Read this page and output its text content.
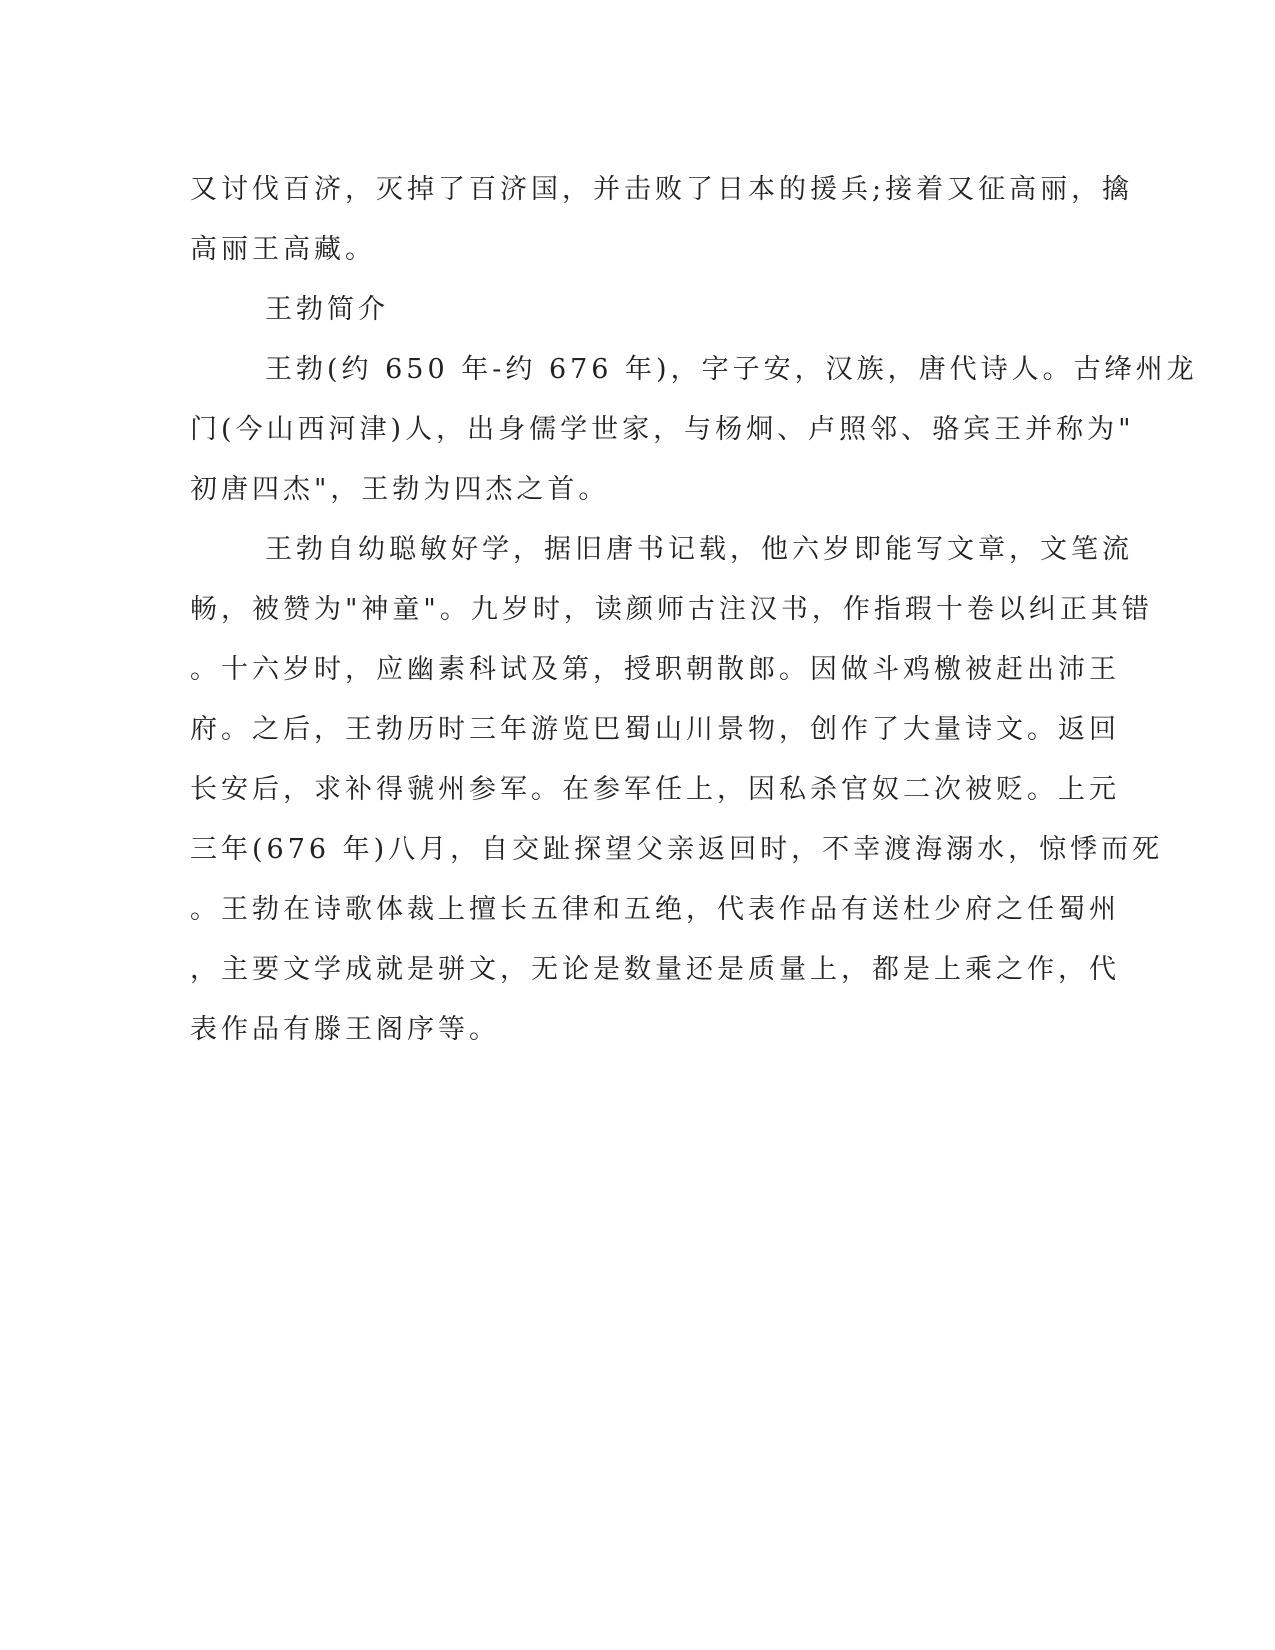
又讨伐百济，灭掉了百济国，并击败了日本的援兵;接着又征高丽，擒
高丽王高藏。
王勃简介
王勃(约 650 年-约 676 年)，字子安，汉族，唐代诗人。古绛州龙
门(今山西河津)人，出身儒学世家，与杨炯、卢照邻、骆宾王并称为"
初唐四杰"，王勃为四杰之首。
王勃自幼聪敏好学，据旧唐书记载，他六岁即能写文章，文笔流
畅，被赞为"神童"。九岁时，读颜师古注汉书，作指瑕十卷以纠正其错
。十六岁时，应幽素科试及第，授职朝散郎。因做斗鸡檄被赶出沛王
府。之后，王勃历时三年游览巴蜀山川景物，创作了大量诗文。返回
长安后，求补得虢州参军。在参军任上，因私杀官奴二次被贬。上元
三年(676 年)八月，自交趾探望父亲返回时，不幸渡海溺水，惊悸而死
。王勃在诗歌体裁上擅长五律和五绝，代表作品有送杜少府之任蜀州
，主要文学成就是骈文，无论是数量还是质量上，都是上乘之作，代
表作品有滕王阁序等。
